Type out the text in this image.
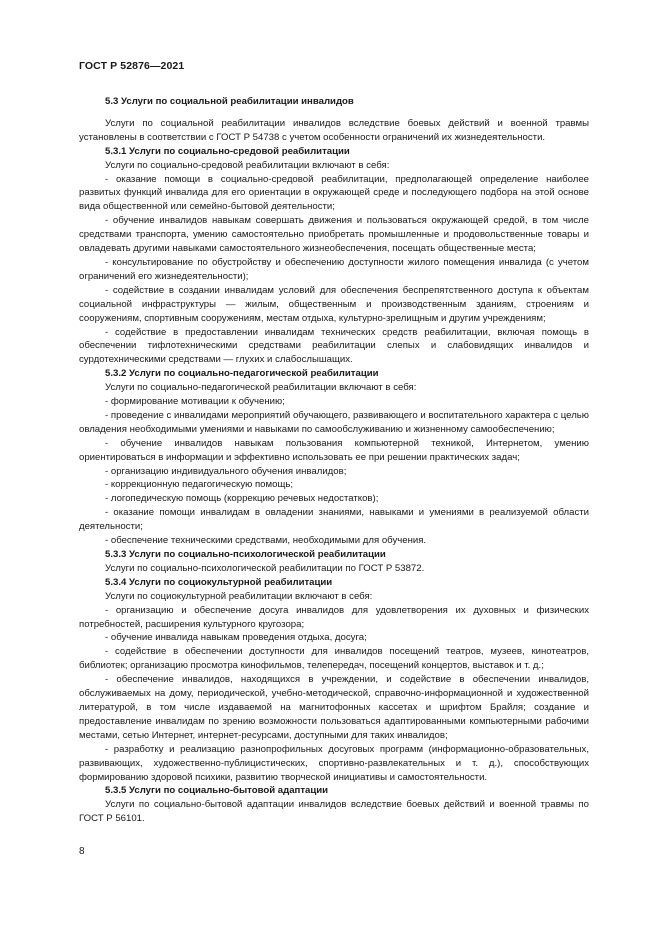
ГОСТ Р 52876—2021

5.3 Услуги по социальной реабилитации инвалидов

Услуги по социальной реабилитации инвалидов вследствие боевых действий и военной травмы установлены в соответствии с ГОСТ Р 54738 с учетом особенности ограничений их жизнедеятельности.

5.3.1 Услуги по социально-средовой реабилитации

Услуги по социально-средовой реабилитации включают в себя:

- оказание помощи в социально-средовой реабилитации, предполагающей определение наиболее развитых функций инвалида для его ориентации в окружающей среде и последующего подбора на этой основе вида общественной или семейно-бытовой деятельности;

- обучение инвалидов навыкам совершать движения и пользоваться окружающей средой, в том числе средствами транспорта, умению самостоятельно приобретать промышленные и продовольственные товары и овладевать другими навыками самостоятельного жизнеобеспечения, посещать общественные места;

- консультирование по обустройству и обеспечению доступности жилого помещения инвалида (с учетом ограничений его жизнедеятельности);

- содействие в создании инвалидам условий для обеспечения беспрепятственного доступа к объектам социальной инфраструктуры — жилым, общественным и производственным зданиям, строениям и сооружениям, спортивным сооружениям, местам отдыха, культурно-зрелищным и другим учреждениям;

- содействие в предоставлении инвалидам технических средств реабилитации, включая помощь в обеспечении тифлотехническими средствами реабилитации слепых и слабовидящих инвалидов и сурдотехническими средствами — глухих и слабослышащих.

5.3.2 Услуги по социально-педагогической реабилитации

Услуги по социально-педагогической реабилитации включают в себя:

- формирование мотивации к обучению;

- проведение с инвалидами мероприятий обучающего, развивающего и воспитательного характера с целью овладения необходимыми умениями и навыками по самообслуживанию и жизненному самообеспечению;

- обучение инвалидов навыкам пользования компьютерной техникой, Интернетом, умению ориентироваться в информации и эффективно использовать ее при решении практических задач;

- организацию индивидуального обучения инвалидов;

- коррекционную педагогическую помощь;

- логопедическую помощь (коррекцию речевых недостатков);

- оказание помощи инвалидам в овладении знаниями, навыками и умениями в реализуемой области деятельности;

- обеспечение техническими средствами, необходимыми для обучения.

5.3.3 Услуги по социально-психологической реабилитации

Услуги по социально-психологической реабилитации по ГОСТ Р 53872.

5.3.4 Услуги по социокультурной реабилитации

Услуги по социокультурной реабилитации включают в себя:

- организацию и обеспечение досуга инвалидов для удовлетворения их духовных и физических потребностей, расширения культурного кругозора;

- обучение инвалида навыкам проведения отдыха, досуга;

- содействие в обеспечении доступности для инвалидов посещений театров, музеев, кинотеатров, библиотек; организацию просмотра кинофильмов, телепередач, посещений концертов, выставок и т. д.;

- обеспечение инвалидов, находящихся в учреждении, и содействие в обеспечении инвалидов, обслуживаемых на дому, периодической, учебно-методической, справочно-информационной и художественной литературой, в том числе издаваемой на магнитофонных кассетах и шрифтом Брайля; создание и предоставление инвалидам по зрению возможности пользоваться адаптированными компьютерными рабочими местами, сетью Интернет, интернет-ресурсами, доступными для таких инвалидов;

- разработку и реализацию разнопрофильных досуговых программ (информационно-образовательных, развивающих, художественно-публицистических, спортивно-развлекательных и т. д.), способствующих формированию здоровой психики, развитию творческой инициативы и самостоятельности.

5.3.5 Услуги по социально-бытовой адаптации

Услуги по социально-бытовой адаптации инвалидов вследствие боевых действий и военной травмы по ГОСТ Р 56101.

8
